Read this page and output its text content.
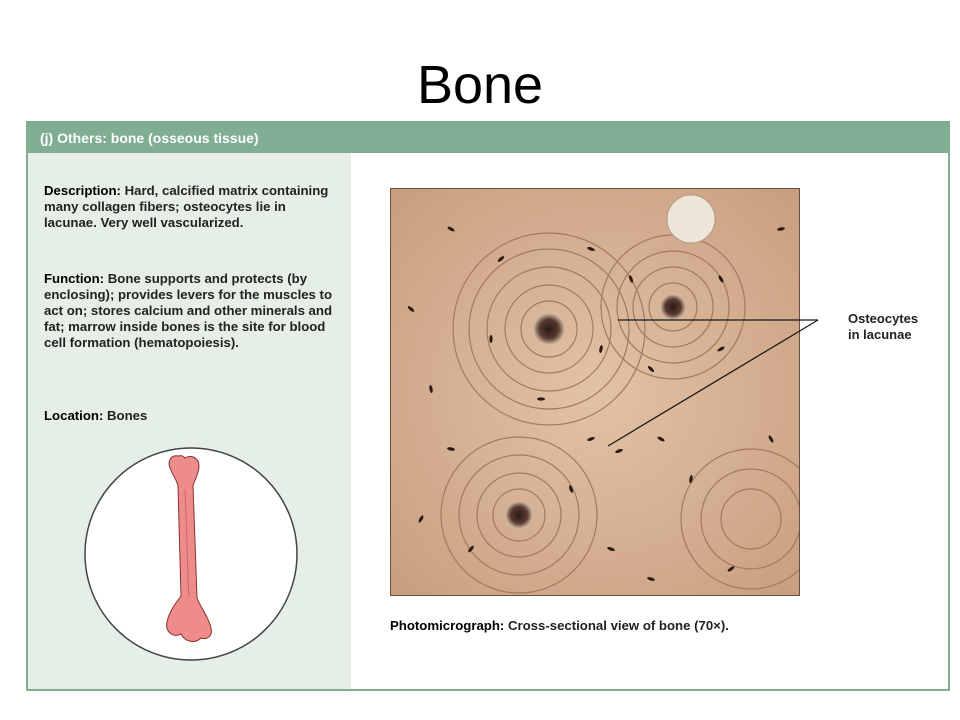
Bone
(j) Others: bone (osseous tissue)
Description: Hard, calcified matrix containing many collagen fibers; osteocytes lie in lacunae. Very well vascularized.
Function: Bone supports and protects (by enclosing); provides levers for the muscles to act on; stores calcium and other minerals and fat; marrow inside bones is the site for blood cell formation (hematopoiesis).
Location: Bones
Osteocytes
in lacunae
Photomicrograph: Cross-sectional view of bone (70×).
